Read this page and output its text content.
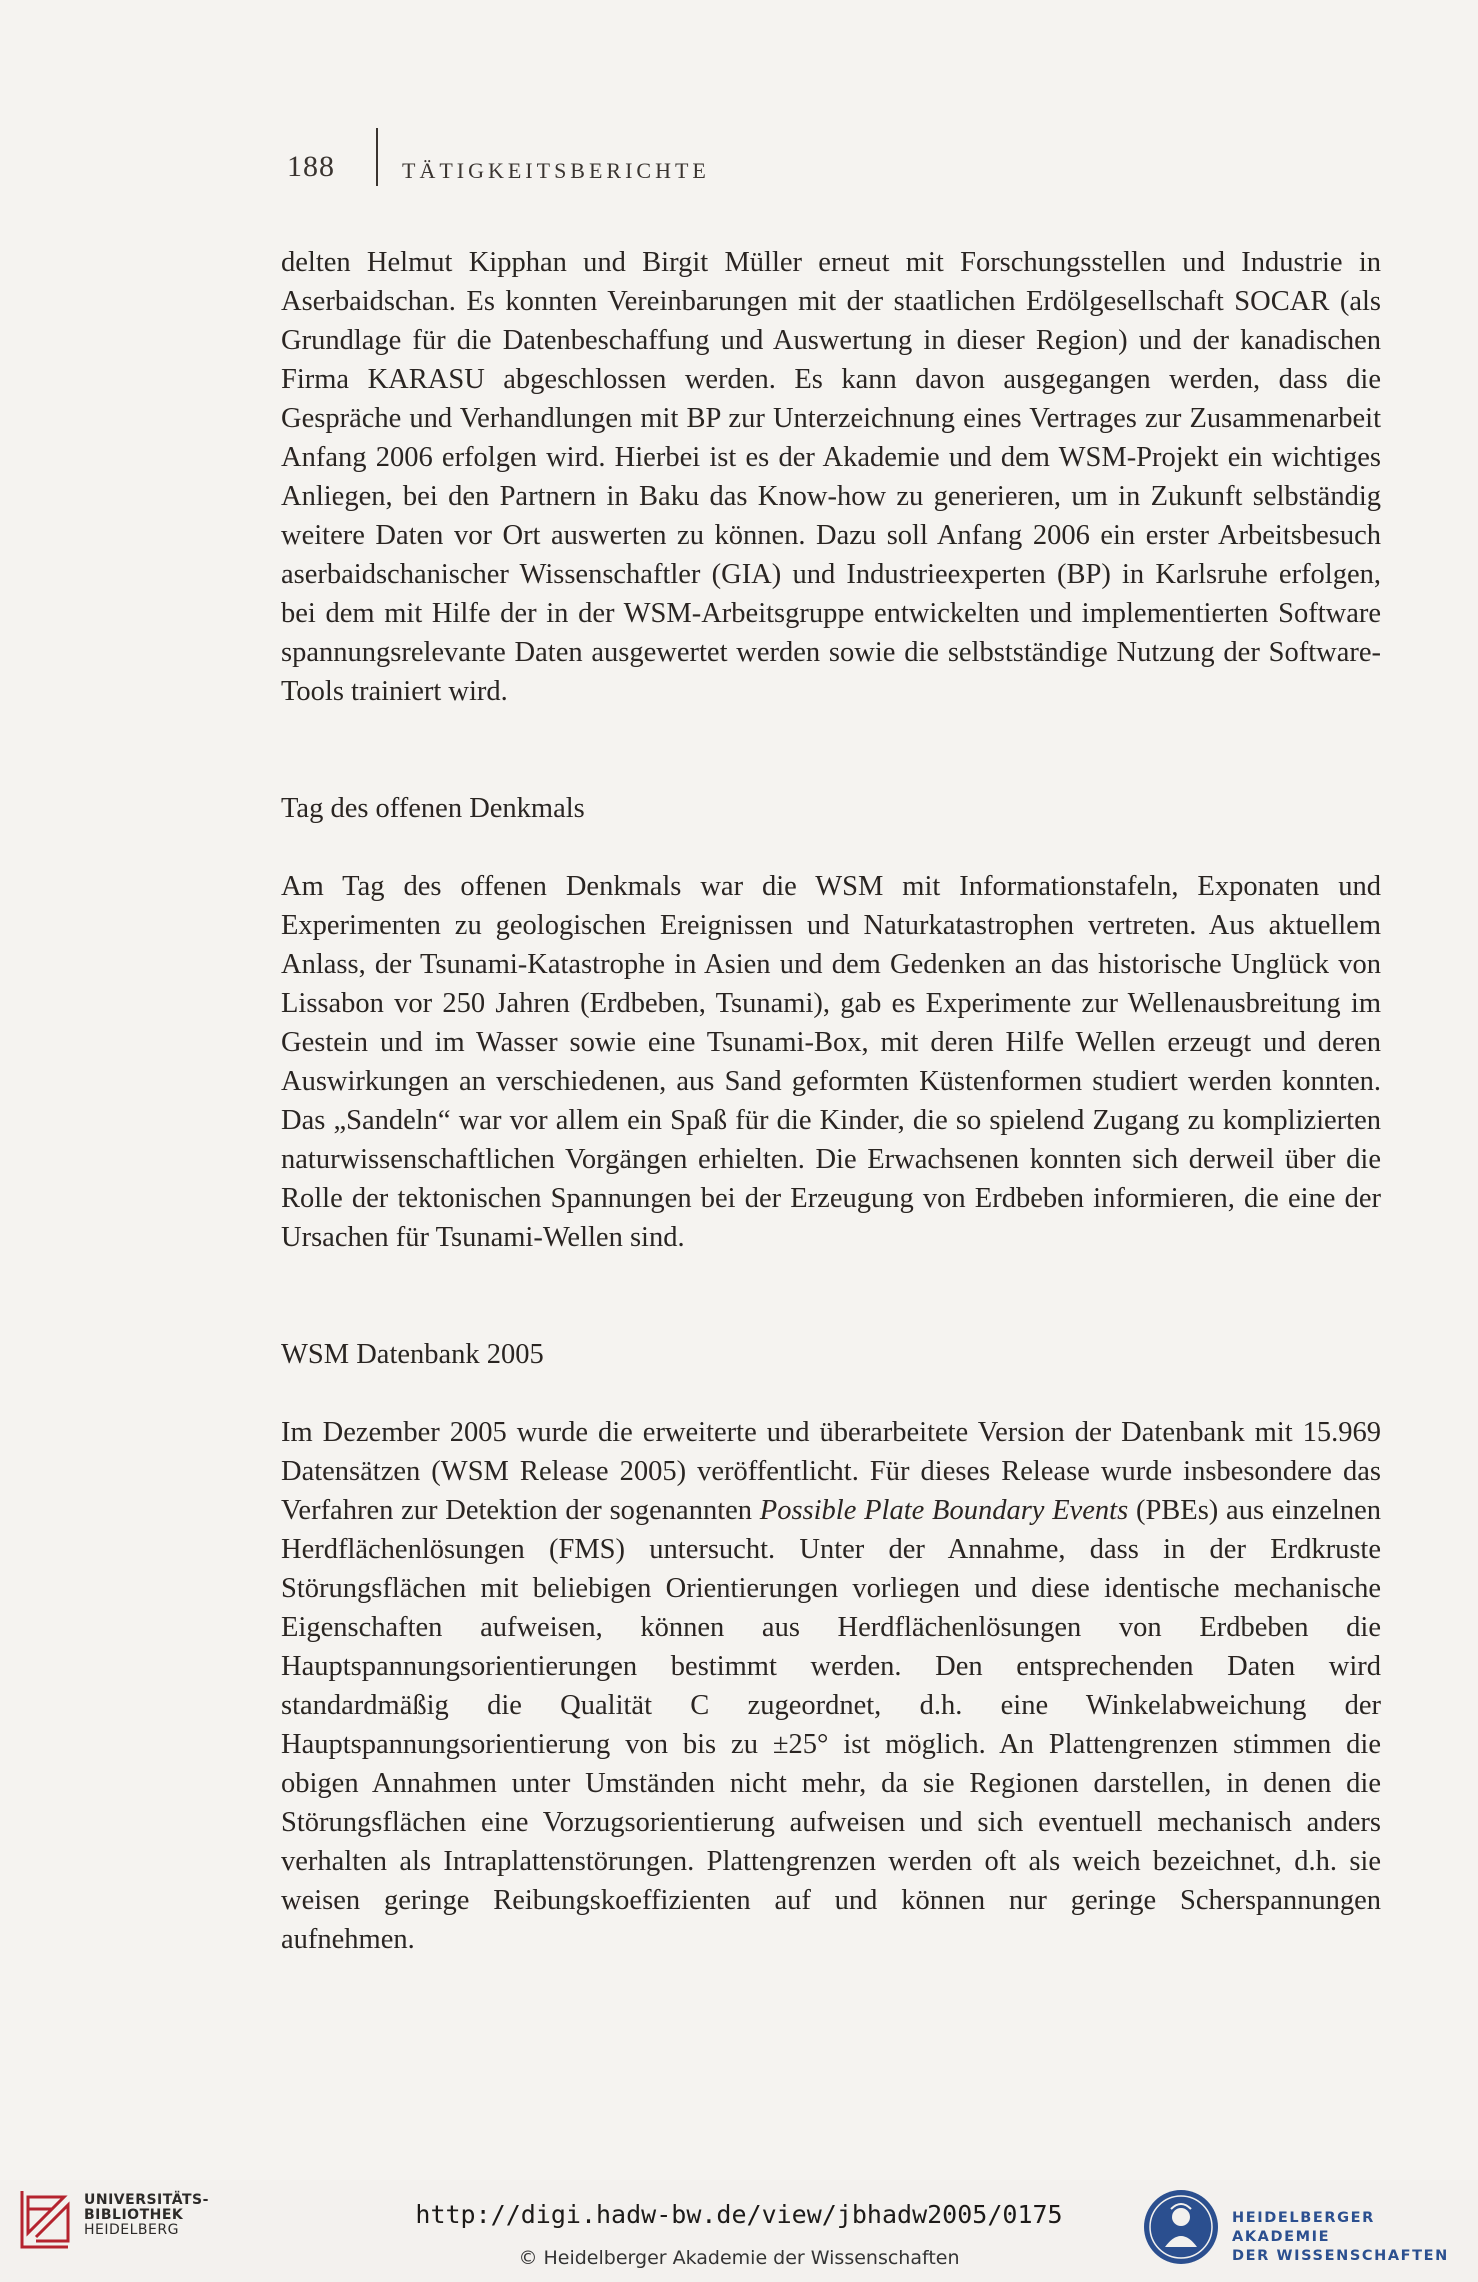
188	TÄTIGKEITSBERICHTE

delten Helmut Kipphan und Birgit Müller erneut mit Forschungsstellen und Industrie in Aserbaidschan. Es konnten Vereinbarungen mit der staatlichen Erdölgesellschaft SOCAR (als Grundlage für die Datenbeschaffung und Auswertung in dieser Region) und der kanadischen Firma KARASU abgeschlossen werden. Es kann davon ausgegangen werden, dass die Gespräche und Verhandlungen mit BP zur Unterzeichnung eines Vertrages zur Zusammenarbeit Anfang 2006 erfolgen wird. Hierbei ist es der Akademie und dem WSM-Projekt ein wichtiges Anliegen, bei den Partnern in Baku das Know-how zu generieren, um in Zukunft selbständig weitere Daten vor Ort auswerten zu können. Dazu soll Anfang 2006 ein erster Arbeitsbesuch aserbaidschanischer Wissenschaftler (GIA) und Industrieexperten (BP) in Karlsruhe erfolgen, bei dem mit Hilfe der in der WSM-Arbeitsgruppe entwickelten und implementierten Software spannungsrelevante Daten ausgewertet werden sowie die selbstständige Nutzung der Software-Tools trainiert wird.

Tag des offenen Denkmals

Am Tag des offenen Denkmals war die WSM mit Informationstafeln, Exponaten und Experimenten zu geologischen Ereignissen und Naturkatastrophen vertreten. Aus aktuellem Anlass, der Tsunami-Katastrophe in Asien und dem Gedenken an das historische Unglück von Lissabon vor 250 Jahren (Erdbeben, Tsunami), gab es Experimente zur Wellenausbreitung im Gestein und im Wasser sowie eine Tsunami-Box, mit deren Hilfe Wellen erzeugt und deren Auswirkungen an verschiedenen, aus Sand geformten Küstenformen studiert werden konnten. Das „Sandeln“ war vor allem ein Spaß für die Kinder, die so spielend Zugang zu komplizierten naturwissenschaftlichen Vorgängen erhielten. Die Erwachsenen konnten sich derweil über die Rolle der tektonischen Spannungen bei der Erzeugung von Erdbeben informieren, die eine der Ursachen für Tsunami-Wellen sind.

WSM Datenbank 2005

Im Dezember 2005 wurde die erweiterte und überarbeitete Version der Datenbank mit 15.969 Datensätzen (WSM Release 2005) veröffentlicht. Für dieses Release wurde insbesondere das Verfahren zur Detektion der sogenannten Possible Plate Boundary Events (PBEs) aus einzelnen Herdflächenlösungen (FMS) untersucht. Unter der Annahme, dass in der Erdkruste Störungsflächen mit beliebigen Orientierungen vorliegen und diese identische mechanische Eigenschaften aufweisen, können aus Herdflächenlösungen von Erdbeben die Hauptspannungsorientierungen bestimmt werden. Den entsprechenden Daten wird standardmäßig die Qualität C zugeordnet, d.h. eine Winkelabweichung der Hauptspannungsorientierung von bis zu ±25° ist möglich. An Plattengrenzen stimmen die obigen Annahmen unter Umständen nicht mehr, da sie Regionen darstellen, in denen die Störungsflächen eine Vorzugsorientierung aufweisen und sich eventuell mechanisch anders verhalten als Intraplattenstörungen. Plattengrenzen werden oft als weich bezeichnet, d.h. sie weisen geringe Reibungskoeffizienten auf und können nur geringe Scherspannungen aufnehmen.

UNIVERSITÄTS-
BIBLIOTHEK
HEIDELBERG
http://digi.hadw-bw.de/view/jbhadw2005/0175
© Heidelberger Akademie der Wissenschaften
HEIDELBERGER AKADEMIE
DER WISSENSCHAFTEN
